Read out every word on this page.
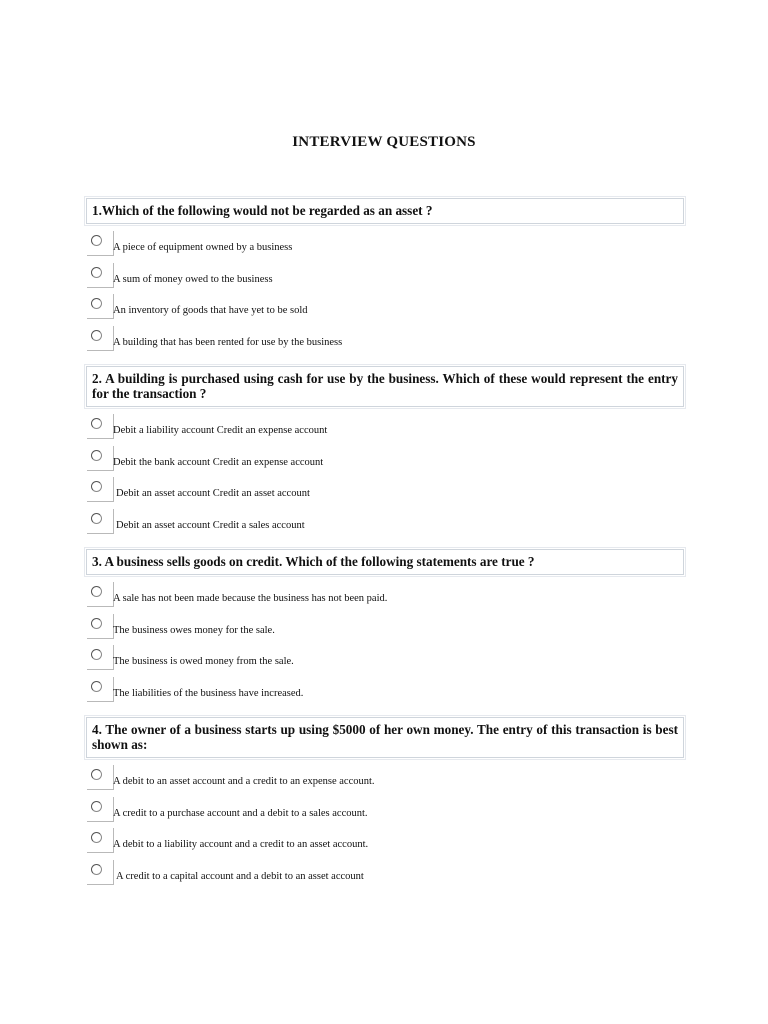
INTERVIEW QUESTIONS
1.Which of the following would not be regarded as an asset ?
A piece of equipment owned by a business
A sum of money owed to the business
An inventory of goods that have yet to be sold
A building that has been rented for use by the business
2. A building is purchased using cash for use by the business. Which of these would represent the entry for the transaction ?
Debit a liability account Credit an expense account
Debit the bank account Credit an expense account
Debit an asset account Credit an asset account
Debit an asset account Credit a sales account
3. A business sells goods on credit. Which of the following statements are true ?
A sale has not been made because the business has not been paid.
The business owes money for the sale.
The business is owed money from the sale.
The liabilities of the business have increased.
4. The owner of a business starts up using $5000 of her own money. The entry of this transaction is best shown as:
A debit to an asset account and a credit to an expense account.
A credit to a purchase account and a debit to a sales account.
A debit to a liability account and a credit to an asset account.
A credit to a capital account and a debit to an asset account
